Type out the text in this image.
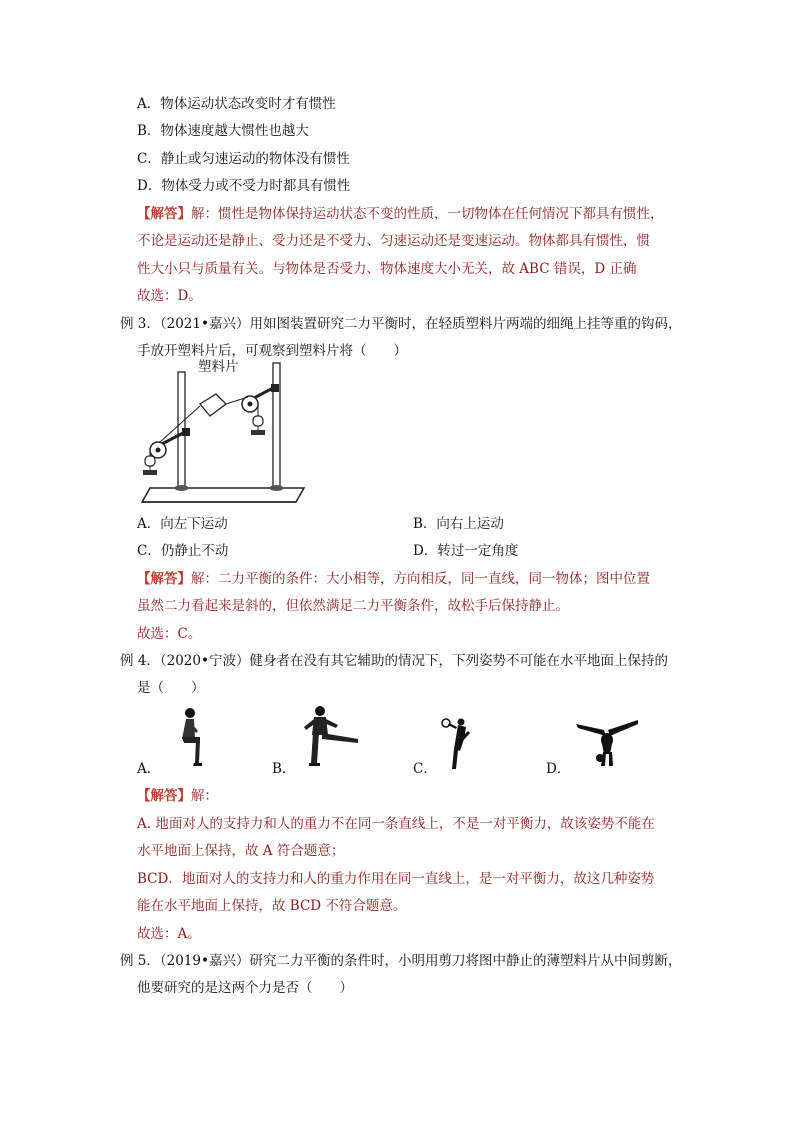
A．物体运动状态改变时才有惯性
B．物体速度越大惯性也越大
C．静止或匀速运动的物体没有惯性
D．物体受力或不受力时都具有惯性
【解答】解：惯性是物体保持运动状态不变的性质，一切物体在任何情况下都具有惯性，
不论是运动还是静止、受力还是不受力、匀速运动还是变速运动。物体都具有惯性，惯
性大小只与质量有关。与物体是否受力、物体速度大小无关，故 ABC 错误，D 正确
故选：D。
例 3．（2021•嘉兴）用如图装置研究二力平衡时，在轻质塑料片两端的细绳上挂等重的钩码，
手放开塑料片后，可观察到塑料片将（　　）
塑料片
A．向左下运动	B．向右上运动
C．仍静止不动	D．转过一定角度
【解答】解：二力平衡的条件：大小相等，方向相反，同一直线，同一物体；图中位置
虽然二力看起来是斜的，但依然满足二力平衡条件，故松手后保持静止。
故选：C。
例 4．（2020•宁波）健身者在没有其它辅助的情况下，下列姿势不可能在水平地面上保持的
是（　　）
A．	B．	C．	D．
【解答】解：
A. 地面对人的支持力和人的重力不在同一条直线上，不是一对平衡力，故该姿势不能在
水平地面上保持，故 A 符合题意；
BCD．地面对人的支持力和人的重力作用在同一直线上，是一对平衡力，故这几种姿势
能在水平地面上保持，故 BCD 不符合题意。
故选：A。
例 5．（2019•嘉兴）研究二力平衡的条件时，小明用剪刀将图中静止的薄塑料片从中间剪断，
他要研究的是这两个力是否（　　）
